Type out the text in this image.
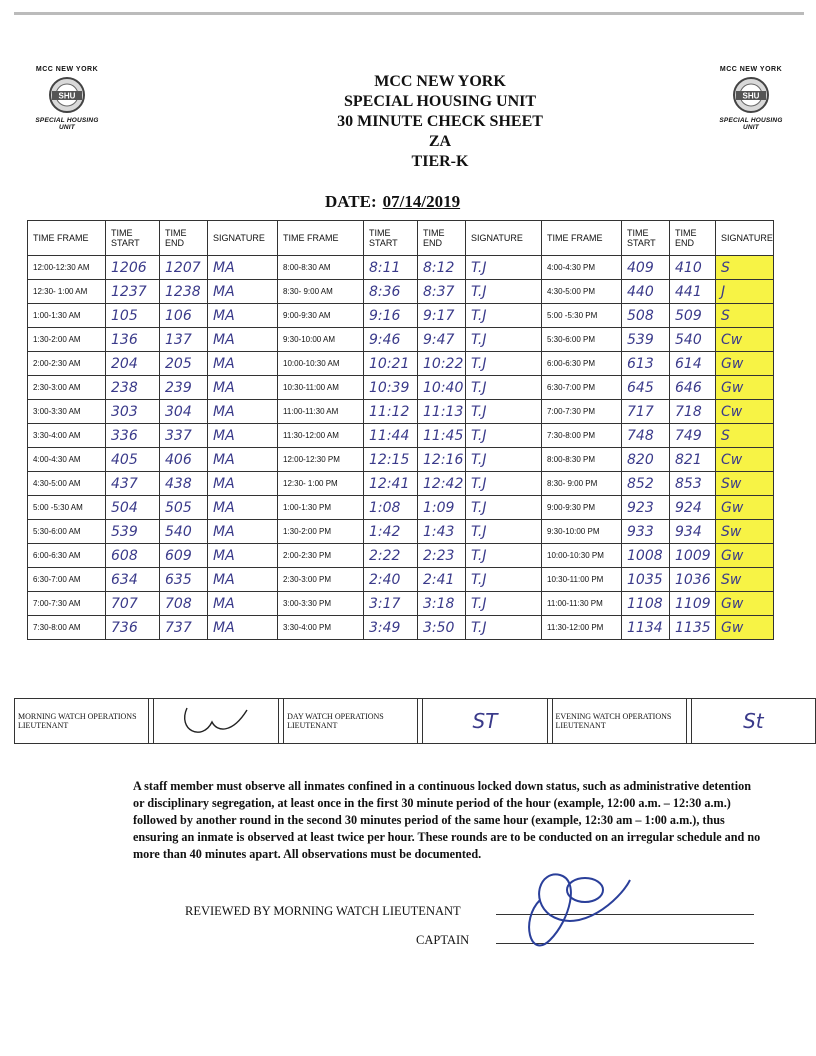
MCC NEW YORK
SHU
SPECIAL HOUSING UNIT
MCC NEW YORK
SHU
SPECIAL HOUSING UNIT
MCC NEW YORK
SPECIAL HOUSING UNIT
30 MINUTE CHECK SHEET
ZA
TIER-K
DATE: 07/14/2019
TIME FRAME	TIME START	TIME END	SIGNATURE	TIME FRAME	TIME START	TIME END	SIGNATURE	TIME FRAME	TIME START	TIME END	SIGNATURE
12:00-12:30 AM	1206	1207	MA	8:00-8:30 AM	8:11	8:12	T.J	4:00-4:30 PM	409	410	S
12:30- 1:00 AM	1237	1238	MA	8:30- 9:00 AM	8:36	8:37	T.J	4:30-5:00 PM	440	441	J
1:00-1:30 AM	105	106	MA	9:00-9:30 AM	9:16	9:17	T.J	5:00 -5:30 PM	508	509	S
1:30-2:00 AM	136	137	MA	9:30-10:00 AM	9:46	9:47	T.J	5:30-6:00 PM	539	540	Cw
2:00-2:30 AM	204	205	MA	10:00-10:30 AM	10:21	10:22	T.J	6:00-6:30 PM	613	614	Gw
2:30-3:00 AM	238	239	MA	10:30-11:00 AM	10:39	10:40	T.J	6:30-7:00 PM	645	646	Gw
3:00-3:30 AM	303	304	MA	11:00-11:30 AM	11:12	11:13	T.J	7:00-7:30 PM	717	718	Cw
3:30-4:00 AM	336	337	MA	11:30-12:00 AM	11:44	11:45	T.J	7:30-8:00 PM	748	749	S
4:00-4:30 AM	405	406	MA	12:00-12:30 PM	12:15	12:16	T.J	8:00-8:30 PM	820	821	Cw
4:30-5:00 AM	437	438	MA	12:30- 1:00 PM	12:41	12:42	T.J	8:30- 9:00 PM	852	853	Sw
5:00 -5:30 AM	504	505	MA	1:00-1:30 PM	1:08	1:09	T.J	9:00-9:30 PM	923	924	Gw
5:30-6:00 AM	539	540	MA	1:30-2:00 PM	1:42	1:43	T.J	9:30-10:00 PM	933	934	Sw
6:00-6:30 AM	608	609	MA	2:00-2:30 PM	2:22	2:23	T.J	10:00-10:30 PM	1008	1009	Gw
6:30-7:00 AM	634	635	MA	2:30-3:00 PM	2:40	2:41	T.J	10:30-11:00 PM	1035	1036	Sw
7:00-7:30 AM	707	708	MA	3:00-3:30 PM	3:17	3:18	T.J	11:00-11:30 PM	1108	1109	Gw
7:30-8:00 AM	736	737	MA	3:30-4:00 PM	3:49	3:50	T.J	11:30-12:00 PM	1134	1135	Gw
MORNING WATCH OPERATIONS LIEUTENANT				DAY WATCH OPERATIONS LIEUTENANT		ST		EVENING WATCH OPERATIONS LIEUTENANT		St
A staff member must observe all inmates confined in a continuous locked down status, such as administrative detention or disciplinary segregation, at least once in the first 30 minute period of the hour (example, 12:00 a.m. – 12:30 a.m.) followed by another round in the second 30 minutes period of the same hour (example, 12:30 am – 1:00 a.m.), thus ensuring an inmate is observed at least twice per hour. These rounds are to be conducted on an irregular schedule and no more than 40 minutes apart. All observations must be documented.
REVIEWED BY MORNING WATCH LIEUTENANT
CAPTAIN
